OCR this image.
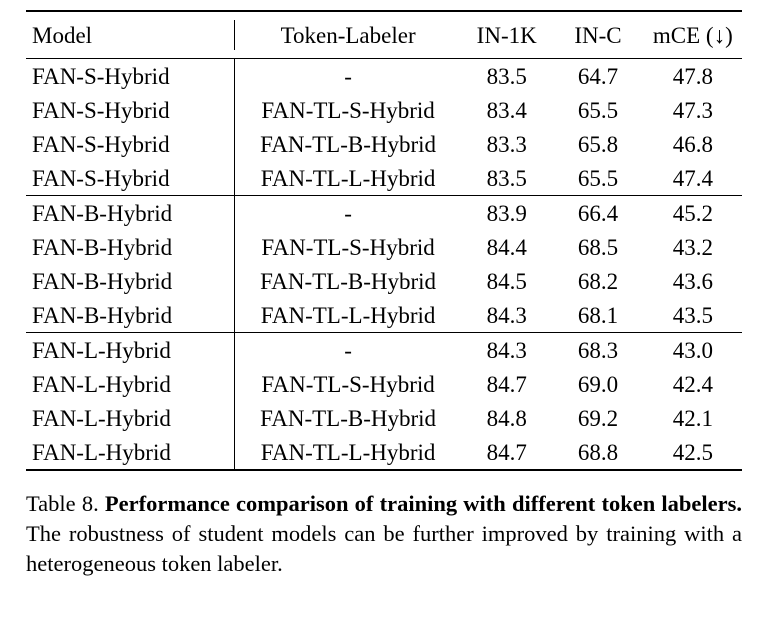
Model	Token-Labeler	IN-1K	IN-C	mCE (↓)
FAN-S-Hybrid	-	83.5	64.7	47.8
FAN-S-Hybrid	FAN-TL-S-Hybrid	83.4	65.5	47.3
FAN-S-Hybrid	FAN-TL-B-Hybrid	83.3	65.8	46.8
FAN-S-Hybrid	FAN-TL-L-Hybrid	83.5	65.5	47.4
FAN-B-Hybrid	-	83.9	66.4	45.2
FAN-B-Hybrid	FAN-TL-S-Hybrid	84.4	68.5	43.2
FAN-B-Hybrid	FAN-TL-B-Hybrid	84.5	68.2	43.6
FAN-B-Hybrid	FAN-TL-L-Hybrid	84.3	68.1	43.5
FAN-L-Hybrid	-	84.3	68.3	43.0
FAN-L-Hybrid	FAN-TL-S-Hybrid	84.7	69.0	42.4
FAN-L-Hybrid	FAN-TL-B-Hybrid	84.8	69.2	42.1
FAN-L-Hybrid	FAN-TL-L-Hybrid	84.7	68.8	42.5

Table 8. Performance comparison of training with different token labelers. The robustness of student models can be further improved by training with a heterogeneous token labeler.
